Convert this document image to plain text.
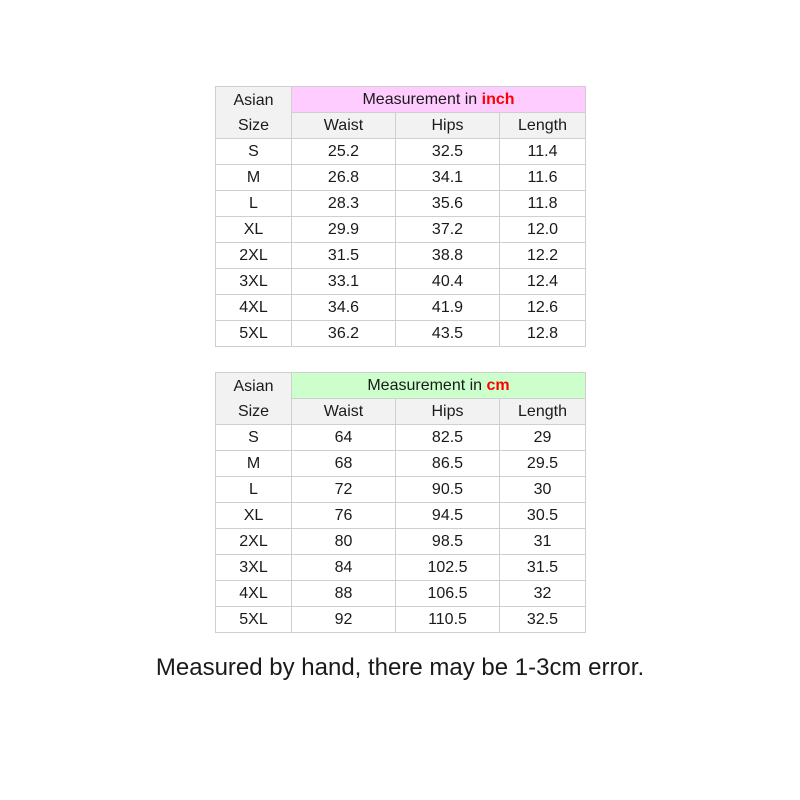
Asian
Size	Measurement in inch		
	Waist	Hips	Length
S	25.2	32.5	11.4
M	26.8	34.1	11.6
L	28.3	35.6	11.8
XL	29.9	37.2	12.0
2XL	31.5	38.8	12.2
3XL	33.1	40.4	12.4
4XL	34.6	41.9	12.6
5XL	36.2	43.5	12.8
Asian
Size	Measurement in cm		
	Waist	Hips	Length
S	64	82.5	29
M	68	86.5	29.5
L	72	90.5	30
XL	76	94.5	30.5
2XL	80	98.5	31
3XL	84	102.5	31.5
4XL	88	106.5	32
5XL	92	110.5	32.5
Measured by hand, there may be 1-3cm error.
